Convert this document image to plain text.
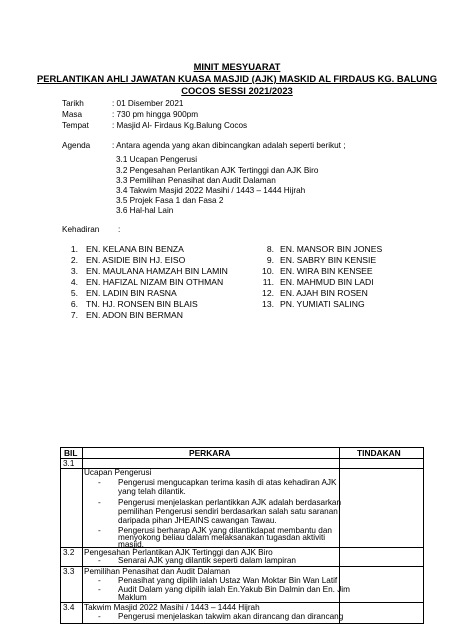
MINIT MESYUARAT
PERLANTIKAN AHLI JAWATAN KUASA MASJID (AJK) MASKID AL FIRDAUS KG. BALUNG
COCOS SESSI 2021/2023
Tarikh	: 01 Disember 2021
Masa	: 730 pm hingga 900pm
Tempat	: Masjid Al- Firdaus Kg.Balung Cocos
Agenda	: Antara agenda yang akan dibincangkan adalah seperti berikut ;
3.1 Ucapan Pengerusi
3.2 Pengesahan Perlantikan AJK Tertinggi dan AJK Biro
3.3 Pemilihan Penasihat dan Audit Dalaman
3.4 Takwim Masjid 2022 Masihi / 1443 – 1444 Hijrah
3.5 Projek Fasa 1 dan Fasa 2
3.6 Hal-hal Lain
Kehadiran :
1. EN. KELANA BIN BENZA
2. EN. ASIDIE BIN HJ. EISO
3. EN. MAULANA HAMZAH BIN LAMIN
4. EN. HAFIZAL NIZAM BIN OTHMAN
5. EN. LADIN BIN RASNA
6. TN. HJ. RONSEN BIN BLAIS
7. EN. ADON BIN BERMAN
8. EN. MANSOR BIN JONES
9. EN. SABRY BIN KENSIE
10. EN. WIRA BIN KENSEE
11. EN. MAHMUD BIN LADI
12. EN. AJAH BIN ROSEN
13. PN. YUMIATI SALING
BIL	PERKARA	TINDAKAN
3.1
Ucapan Pengerusi
- Pengerusi mengucapkan terima kasih di atas kehadiran AJK
yang telah dilantik.
- Pengerusi menjelaskan perlantikkan AJK adalah berdasarkan
pemilihan Pengerusi sendiri berdasarkan salah satu saranan
daripada pihan JHEAINS cawangan Tawau.
- Pengerusi berharap AJK yang dilantikdapat membantu dan
menyokong beliau dalam melaksanakan tugasdan aktiviti
masjid.
3.2 Pengesahan Perlantikan AJK Tertinggi dan AJK Biro
- Senarai AJK yang dilantik seperti dalam lampiran
3.3 Pemilihan Penasihat dan Audit Dalaman
- Penasihat yang dipilih ialah Ustaz Wan Moktar Bin Wan Latif
- Audit Dalam yang dipilih ialah En.Yakub Bin Dalmin dan En. Jim
Maklum
3.4 Takwim Masjid 2022 Masihi / 1443 – 1444 Hijrah
- Pengerusi menjelaskan takwim akan dirancang dan dirancang
